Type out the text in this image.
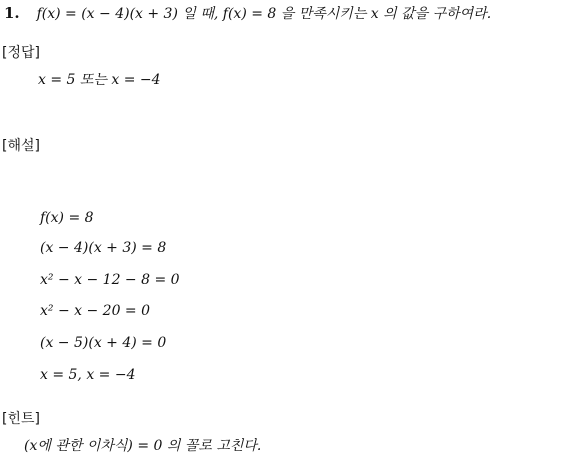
1. f(x) = (x − 4)(x + 3) 일 때, f(x) = 8 을 만족시키는 x 의 값을 구하여라.
[정답]
x = 5 또는 x = −4
[해설]
f(x) = 8
(x − 4)(x + 3) = 8
x² − x − 12 − 8 = 0
x² − x − 20 = 0
(x − 5)(x + 4) = 0
x = 5, x = −4
[힌트]
(x에 관한 이차식) = 0 의 꼴로 고친다.
